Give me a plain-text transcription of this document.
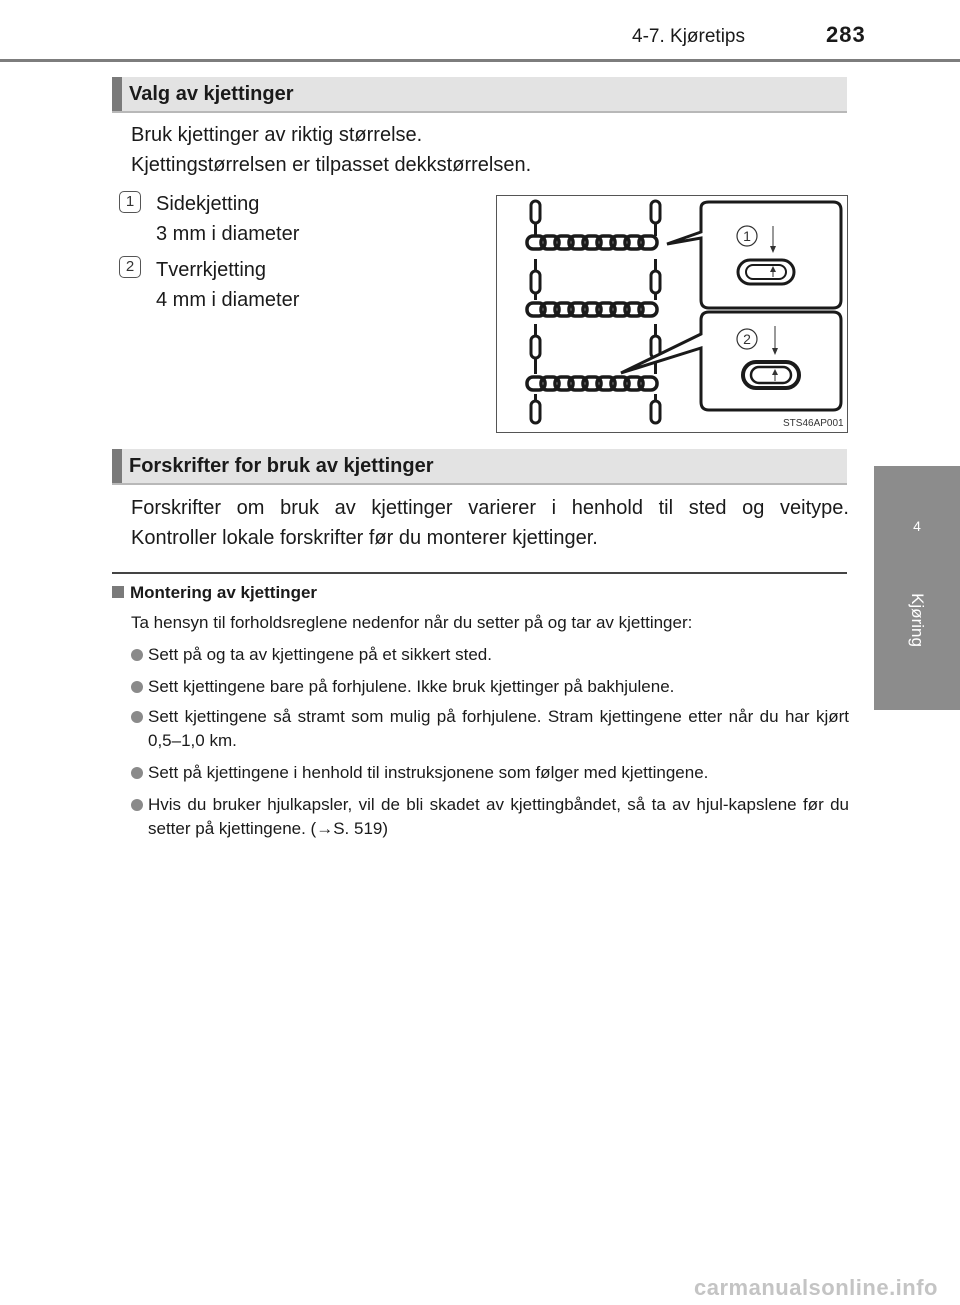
4-7. Kjøretips	283
4
Kjøring
Valg av kjettinger
Bruk kjettinger av riktig størrelse.
Kjettingstørrelsen er tilpasset dekkstørrelsen.
1	Sidekjetting
3 mm i diameter
2	Tverrkjetting
4 mm i diameter
1
2
STS46AP001
Forskrifter for bruk av kjettinger
Forskrifter om bruk av kjettinger varierer i henhold til sted og veitype.
Kontroller lokale forskrifter før du monterer kjettinger.
Montering av kjettinger
Ta hensyn til forholdsreglene nedenfor når du setter på og tar av kjettinger:
Sett på og ta av kjettingene på et sikkert sted.
Sett kjettingene bare på forhjulene. Ikke bruk kjettinger på bakhjulene.
Sett kjettingene så stramt som mulig på forhjulene. Stram kjettingene etter når du har kjørt 0,5–1,0 km.
Sett på kjettingene i henhold til instruksjonene som følger med kjettingene.
Hvis du bruker hjulkapsler, vil de bli skadet av kjettingbåndet, så ta av hjul-kapslene før du setter på kjettingene. (→S. 519)
carmanualsonline.info
